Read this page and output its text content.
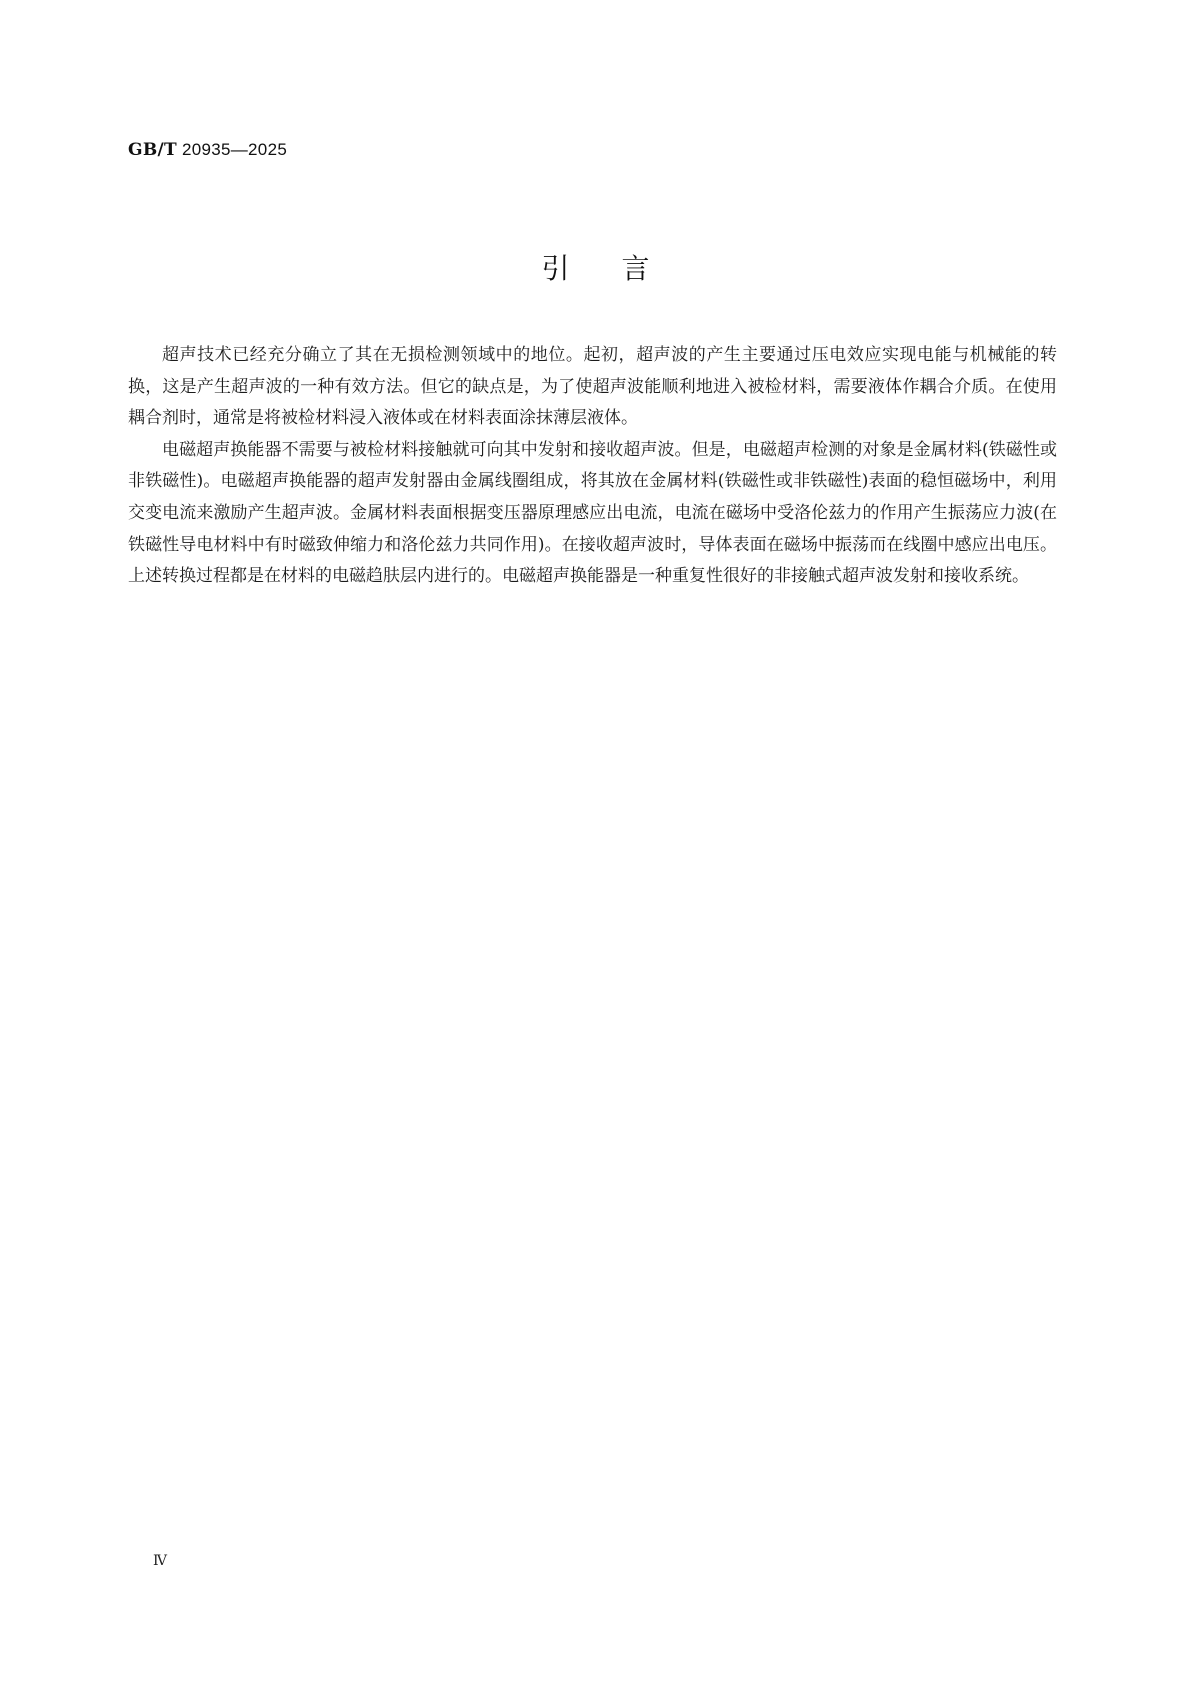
GB/T 20935—2025
引言

超声技术已经充分确立了其在无损检测领域中的地位。起初，超声波的产生主要通过压电效应实现电能与机械能的转换，这是产生超声波的一种有效方法。但它的缺点是，为了使超声波能顺利地进入被检材料，需要液体作耦合介质。在使用耦合剂时，通常是将被检材料浸入液体或在材料表面涂抹薄层液体。

电磁超声换能器不需要与被检材料接触就可向其中发射和接收超声波。但是，电磁超声检测的对象是金属材料(铁磁性或非铁磁性)。电磁超声换能器的超声发射器由金属线圈组成，将其放在金属材料(铁磁性或非铁磁性)表面的稳恒磁场中，利用交变电流来激励产生超声波。金属材料表面根据变压器原理感应出电流，电流在磁场中受洛伦兹力的作用产生振荡应力波(在铁磁性导电材料中有时磁致伸缩力和洛伦兹力共同作用)。在接收超声波时，导体表面在磁场中振荡而在线圈中感应出电压。上述转换过程都是在材料的电磁趋肤层内进行的。电磁超声换能器是一种重复性很好的非接触式超声波发射和接收系统。

Ⅳ
